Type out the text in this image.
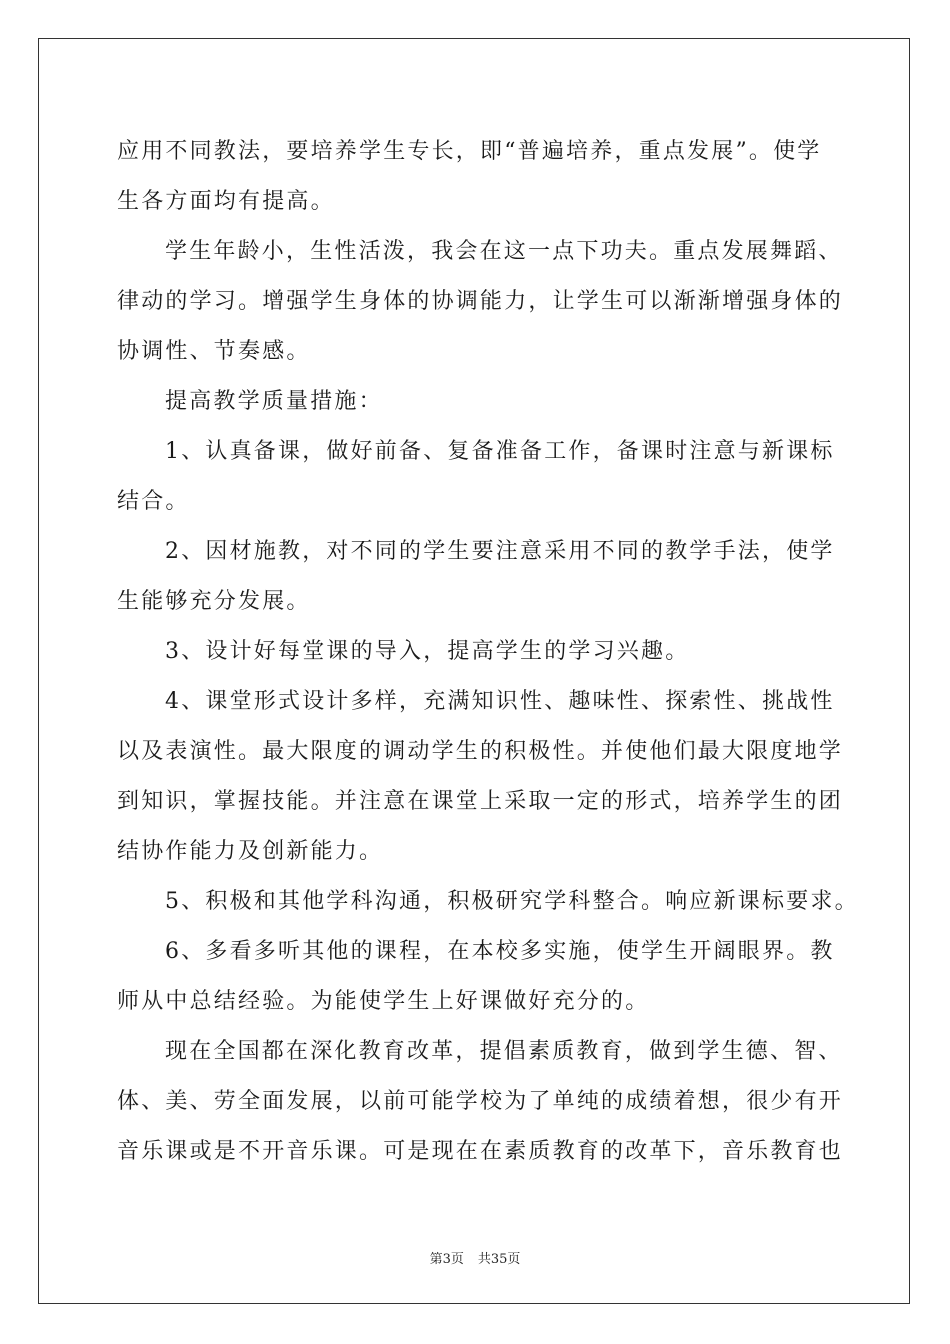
应用不同教法，要培养学生专长，即“普遍培养，重点发展”。使学
生各方面均有提高。
学生年龄小，生性活泼，我会在这一点下功夫。重点发展舞蹈、
律动的学习。增强学生身体的协调能力，让学生可以渐渐增强身体的
协调性、节奏感。
提高教学质量措施：
1、认真备课，做好前备、复备准备工作，备课时注意与新课标
结合。
2、因材施教，对不同的学生要注意采用不同的教学手法，使学
生能够充分发展。
3、设计好每堂课的导入，提高学生的学习兴趣。
4、课堂形式设计多样，充满知识性、趣味性、探索性、挑战性
以及表演性。最大限度的调动学生的积极性。并使他们最大限度地学
到知识，掌握技能。并注意在课堂上采取一定的形式，培养学生的团
结协作能力及创新能力。
5、积极和其他学科沟通，积极研究学科整合。响应新课标要求。
6、多看多听其他的课程，在本校多实施，使学生开阔眼界。教
师从中总结经验。为能使学生上好课做好充分的。
现在全国都在深化教育改革，提倡素质教育，做到学生德、智、
体、美、劳全面发展，以前可能学校为了单纯的成绩着想，很少有开
音乐课或是不开音乐课。可是现在在素质教育的改革下，音乐教育也
第3页 共35页
